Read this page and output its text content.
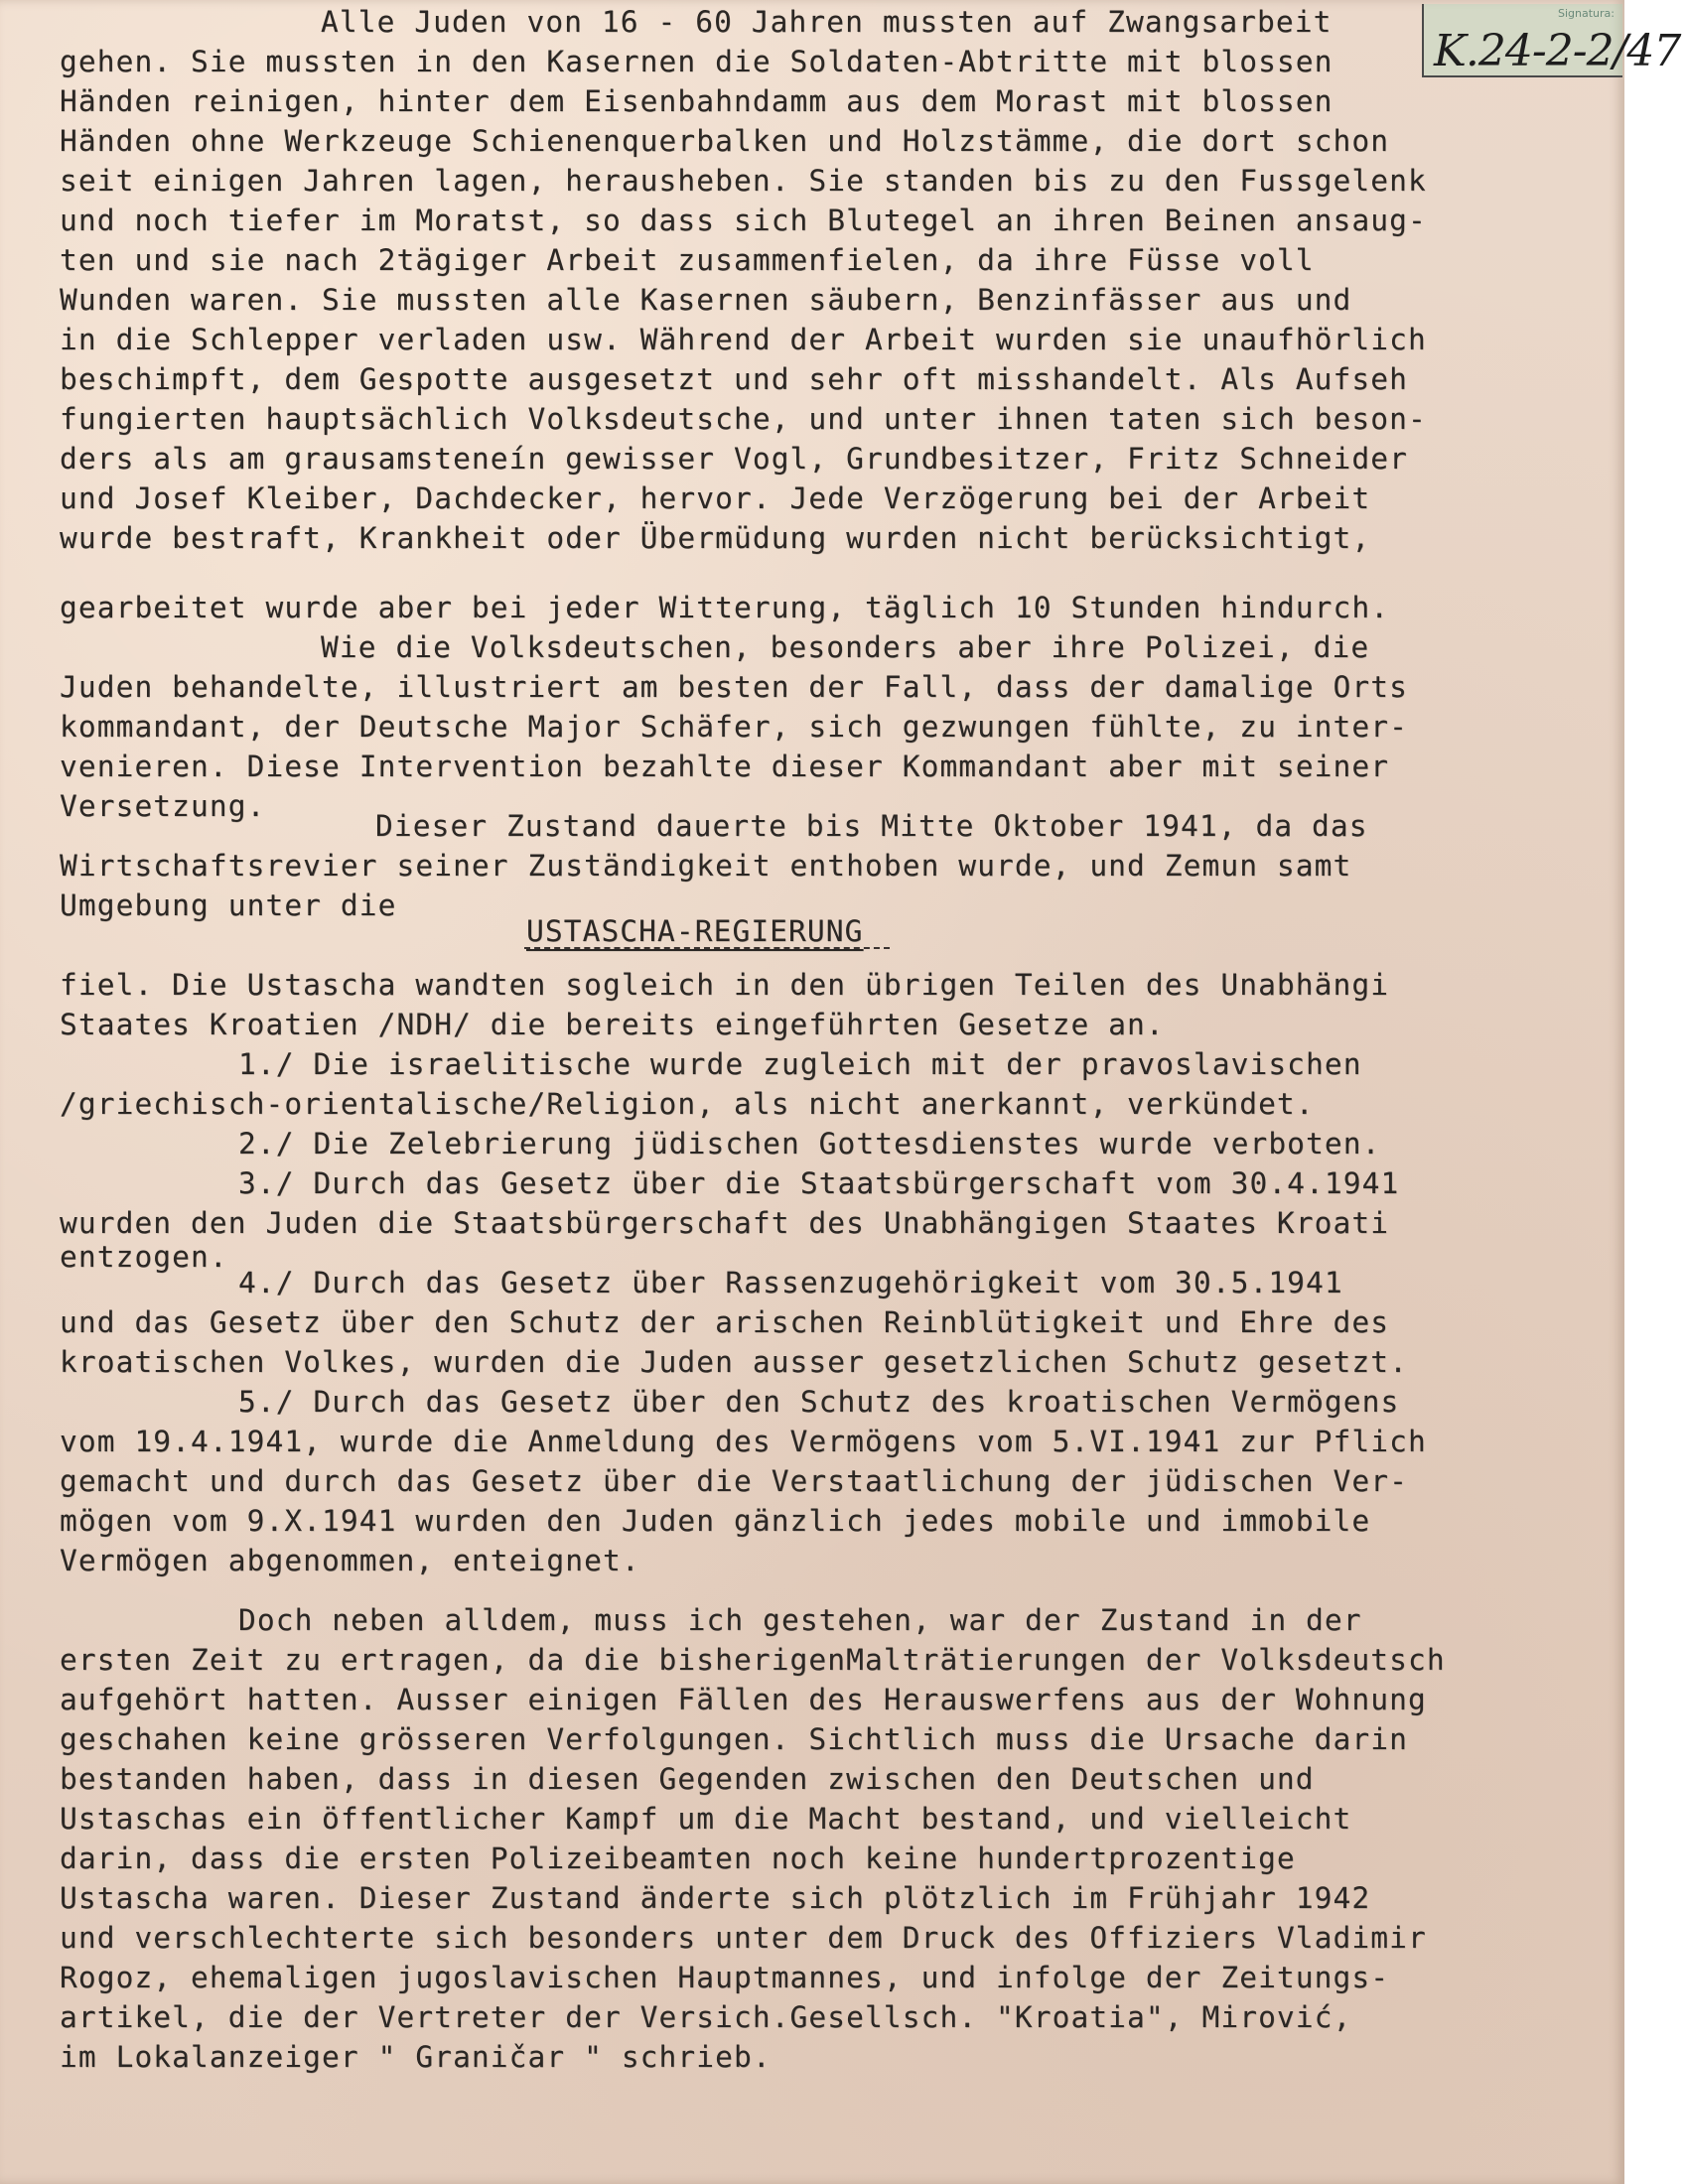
Signatura:
K.24-2-2/47
Alle Juden von 16 - 60 Jahren mussten auf Zwangsarbeit
gehen. Sie mussten in den Kasernen die Soldaten-Abtritte mit blossen
Händen reinigen, hinter dem Eisenbahndamm aus dem Morast mit blossen
Händen ohne Werkzeuge Schienenquerbalken und Holzstämme, die dort schon
seit einigen Jahren lagen, herausheben. Sie standen bis zu den Fussgelenk
und noch tiefer im Moratst, so dass sich Blutegel an ihren Beinen ansaug-
ten und sie nach 2tägiger Arbeit zusammenfielen, da ihre Füsse voll
Wunden waren. Sie mussten alle Kasernen säubern, Benzinfässer aus und
in die Schlepper verladen usw. Während der Arbeit wurden sie unaufhörlich
beschimpft, dem Gespotte ausgesetzt und sehr oft misshandelt. Als Aufseh
fungierten hauptsächlich Volksdeutsche, und unter ihnen taten sich beson-
ders als am grausamsteneín gewisser Vogl, Grundbesitzer, Fritz Schneider
und Josef Kleiber, Dachdecker, hervor. Jede Verzögerung bei der Arbeit
wurde bestraft, Krankheit oder Übermüdung wurden nicht berücksichtigt,
gearbeitet wurde aber bei jeder Witterung, täglich 10 Stunden hindurch.
Wie die Volksdeutschen, besonders aber ihre Polizei, die
Juden behandelte, illustriert am besten der Fall, dass der damalige Orts
kommandant, der Deutsche Major Schäfer, sich gezwungen fühlte, zu inter-
venieren. Diese Intervention bezahlte dieser Kommandant aber mit seiner
Versetzung.
Dieser Zustand dauerte bis Mitte Oktober 1941, da das
Wirtschaftsrevier seiner Zuständigkeit enthoben wurde, und Zemun samt
Umgebung unter die
USTASCHA-REGIERUNG
fiel. Die Ustascha wandten sogleich in den übrigen Teilen des Unabhängi
Staates Kroatien /NDH/ die bereits eingeführten Gesetze an.
1./ Die israelitische wurde zugleich mit der pravoslavischen
/griechisch-orientalische/Religion, als nicht anerkannt, verkündet.
2./ Die Zelebrierung jüdischen Gottesdienstes wurde verboten.
3./ Durch das Gesetz über die Staatsbürgerschaft vom 30.4.1941
wurden den Juden die Staatsbürgerschaft des Unabhängigen Staates Kroati
entzogen.
4./ Durch das Gesetz über Rassenzugehörigkeit vom 30.5.1941
und das Gesetz über den Schutz der arischen Reinblütigkeit und Ehre des
kroatischen Volkes, wurden die Juden ausser gesetzlichen Schutz gesetzt.
5./ Durch das Gesetz über den Schutz des kroatischen Vermögens
vom 19.4.1941, wurde die Anmeldung des Vermögens vom 5.VI.1941 zur Pflich
gemacht und durch das Gesetz über die Verstaatlichung der jüdischen Ver-
mögen vom 9.X.1941 wurden den Juden gänzlich jedes mobile und immobile
Vermögen abgenommen, enteignet.
Doch neben alldem, muss ich gestehen, war der Zustand in der
ersten Zeit zu ertragen, da die bisherigenMalträtierungen der Volksdeutsch
aufgehört hatten. Ausser einigen Fällen des Herauswerfens aus der Wohnung
geschahen keine grösseren Verfolgungen. Sichtlich muss die Ursache darin
bestanden haben, dass in diesen Gegenden zwischen den Deutschen und
Ustaschas ein öffentlicher Kampf um die Macht bestand, und vielleicht
darin, dass die ersten Polizeibeamten noch keine hundertprozentige
Ustascha waren. Dieser Zustand änderte sich plötzlich im Frühjahr 1942
und verschlechterte sich besonders unter dem Druck des Offiziers Vladimir
Rogoz, ehemaligen jugoslavischen Hauptmannes, und infolge der Zeitungs-
artikel, die der Vertreter der Versich.Gesellsch. "Kroatia", Mirović,
im Lokalanzeiger " Graničar " schrieb.
